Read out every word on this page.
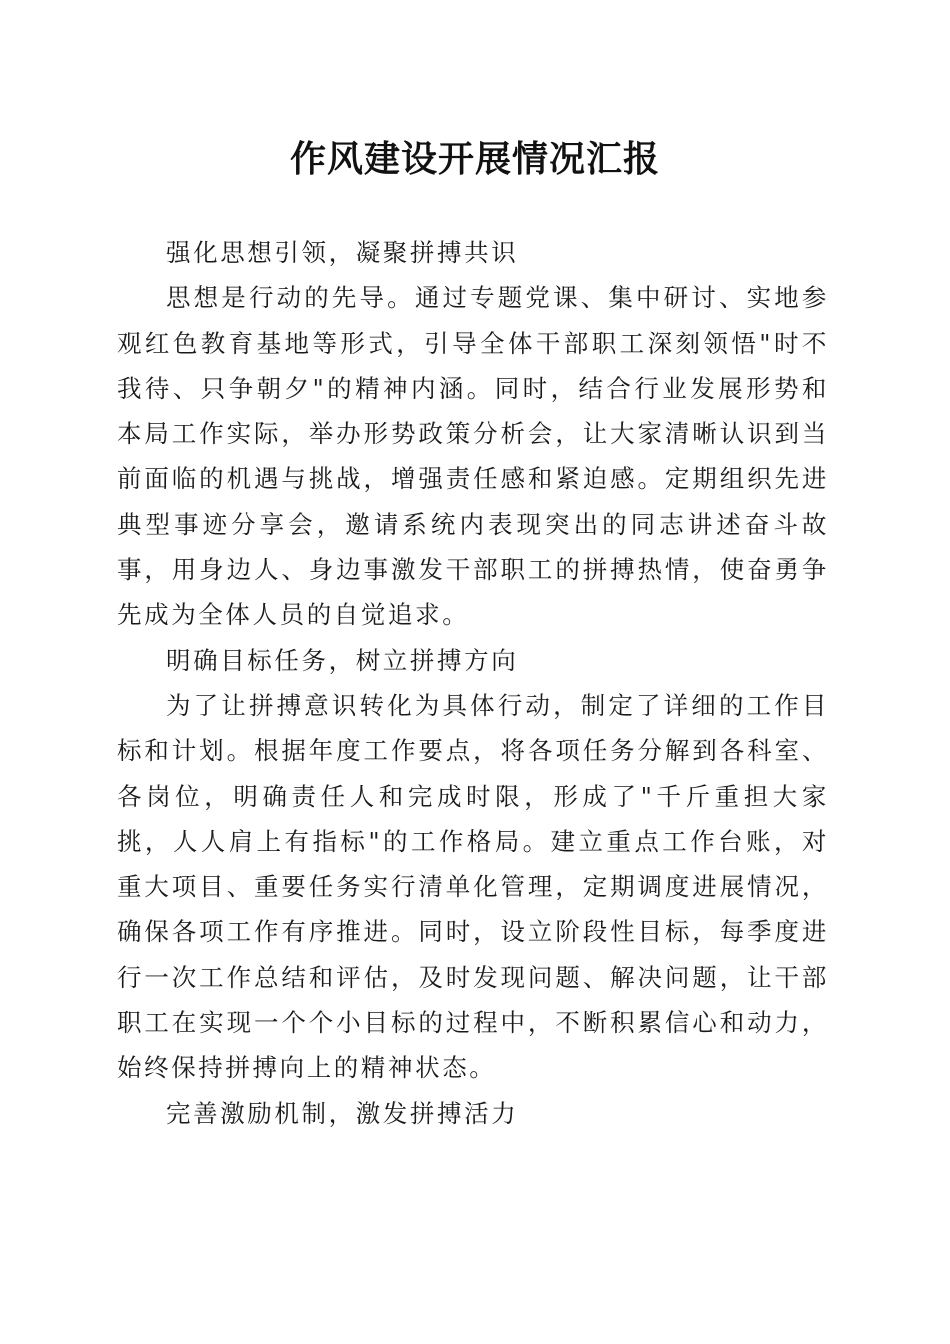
作风建设开展情况汇报

强化思想引领，凝聚拼搏共识

思想是行动的先导。通过专题党课、集中研讨、实地参观红色教育基地等形式，引导全体干部职工深刻领悟"时不我待、只争朝夕"的精神内涵。同时，结合行业发展形势和本局工作实际，举办形势政策分析会，让大家清晰认识到当前面临的机遇与挑战，增强责任感和紧迫感。定期组织先进典型事迹分享会，邀请系统内表现突出的同志讲述奋斗故事，用身边人、身边事激发干部职工的拼搏热情，使奋勇争先成为全体人员的自觉追求。

明确目标任务，树立拼搏方向

为了让拼搏意识转化为具体行动，制定了详细的工作目标和计划。根据年度工作要点，将各项任务分解到各科室、各岗位，明确责任人和完成时限，形成了"千斤重担大家挑，人人肩上有指标"的工作格局。建立重点工作台账，对重大项目、重要任务实行清单化管理，定期调度进展情况，确保各项工作有序推进。同时，设立阶段性目标，每季度进行一次工作总结和评估，及时发现问题、解决问题，让干部职工在实现一个个小目标的过程中，不断积累信心和动力，始终保持拼搏向上的精神状态。

完善激励机制，激发拼搏活力
